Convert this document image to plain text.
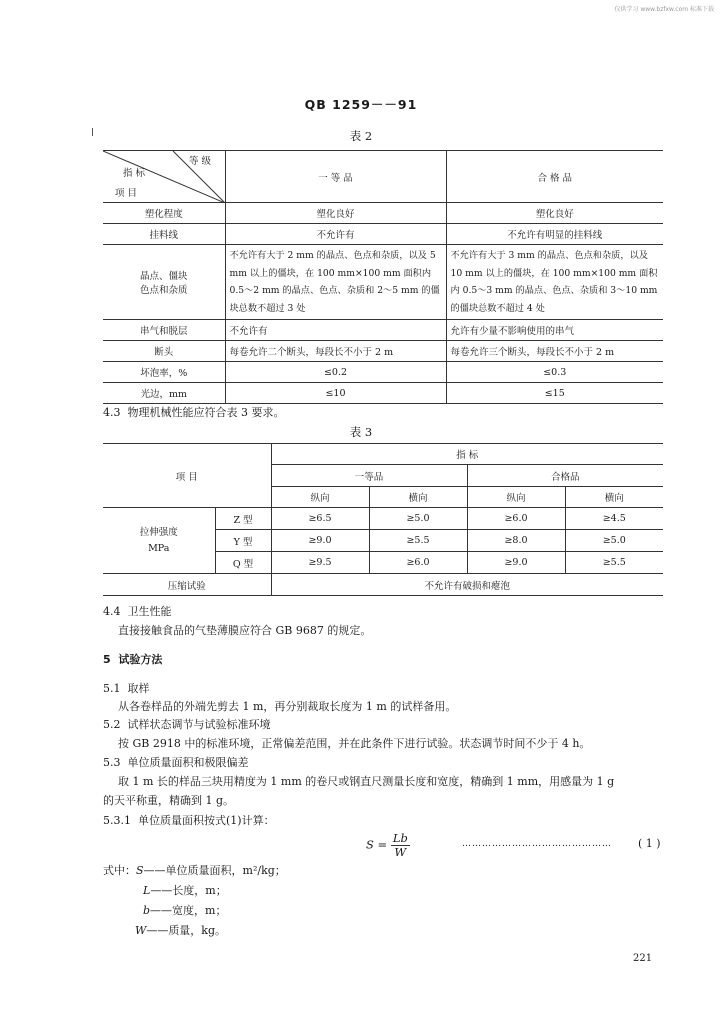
仅供学习 www.bzfxw.com 标准下载
QB 1259－－91
表 2
等 级
指 标
项 目	一 等 品	合 格 品
塑化程度	塑化良好	塑化良好
挂料线	不允许有	不允许有明显的挂料线
晶点、僵块
色点和杂质	不允许有大于 2 mm 的晶点、色点和杂质，以及 5 mm 以上的僵块，在 100 mm×100 mm 面积内 0.5～2 mm 的晶点、色点、杂质和 2～5 mm 的僵块总数不超过 3 处	不允许有大于 3 mm 的晶点、色点和杂质，以及 10 mm 以上的僵块，在 100 mm×100 mm 面积内 0.5～3 mm 的晶点、色点、杂质和 3～10 mm 的僵块总数不超过 4 处
串气和脱层	不允许有	允许有少量不影响使用的串气
断头	每卷允许二个断头，每段长不小于 2 m	每卷允许三个断头，每段长不小于 2 m
坏泡率，%	≤0.2	≤0.3
光边，mm	≤10	≤15
4.3 物理机械性能应符合表 3 要求。
表 3
项 目		指 标			
		一等品		合格品	
		纵向	横向	纵向	横向
拉伸强度
MPa	Z 型	≥6.5	≥5.0	≥6.0	≥4.5
	Y 型	≥9.0	≥5.5	≥8.0	≥5.0
	Q 型	≥9.5	≥6.0	≥9.0	≥5.5
压缩试验		不允许有破损和瘪泡			
4.4 卫生性能
直接接触食品的气垫薄膜应符合 GB 9687 的规定。
5 试验方法
5.1 取样
从各卷样品的外端先剪去 1 m，再分别裁取长度为 1 m 的试样备用。
5.2 试样状态调节与试验标准环境
按 GB 2918 中的标准环境，正常偏差范围，并在此条件下进行试验。状态调节时间不少于 4 h。
5.3 单位质量面积和极限偏差
取 1 m 长的样品三块用精度为 1 mm 的卷尺或钢直尺测量长度和宽度，精确到 1 mm，用感量为 1 g
的天平称重，精确到 1 g。
5.3.1 单位质量面积按式(1)计算：
$S = \frac{Lb}{W}$	……………………………………… ( 1 )
式中：S——单位质量面积，m²/kg；
L——长度，m；
b——宽度，m；
W——质量，kg。
221
